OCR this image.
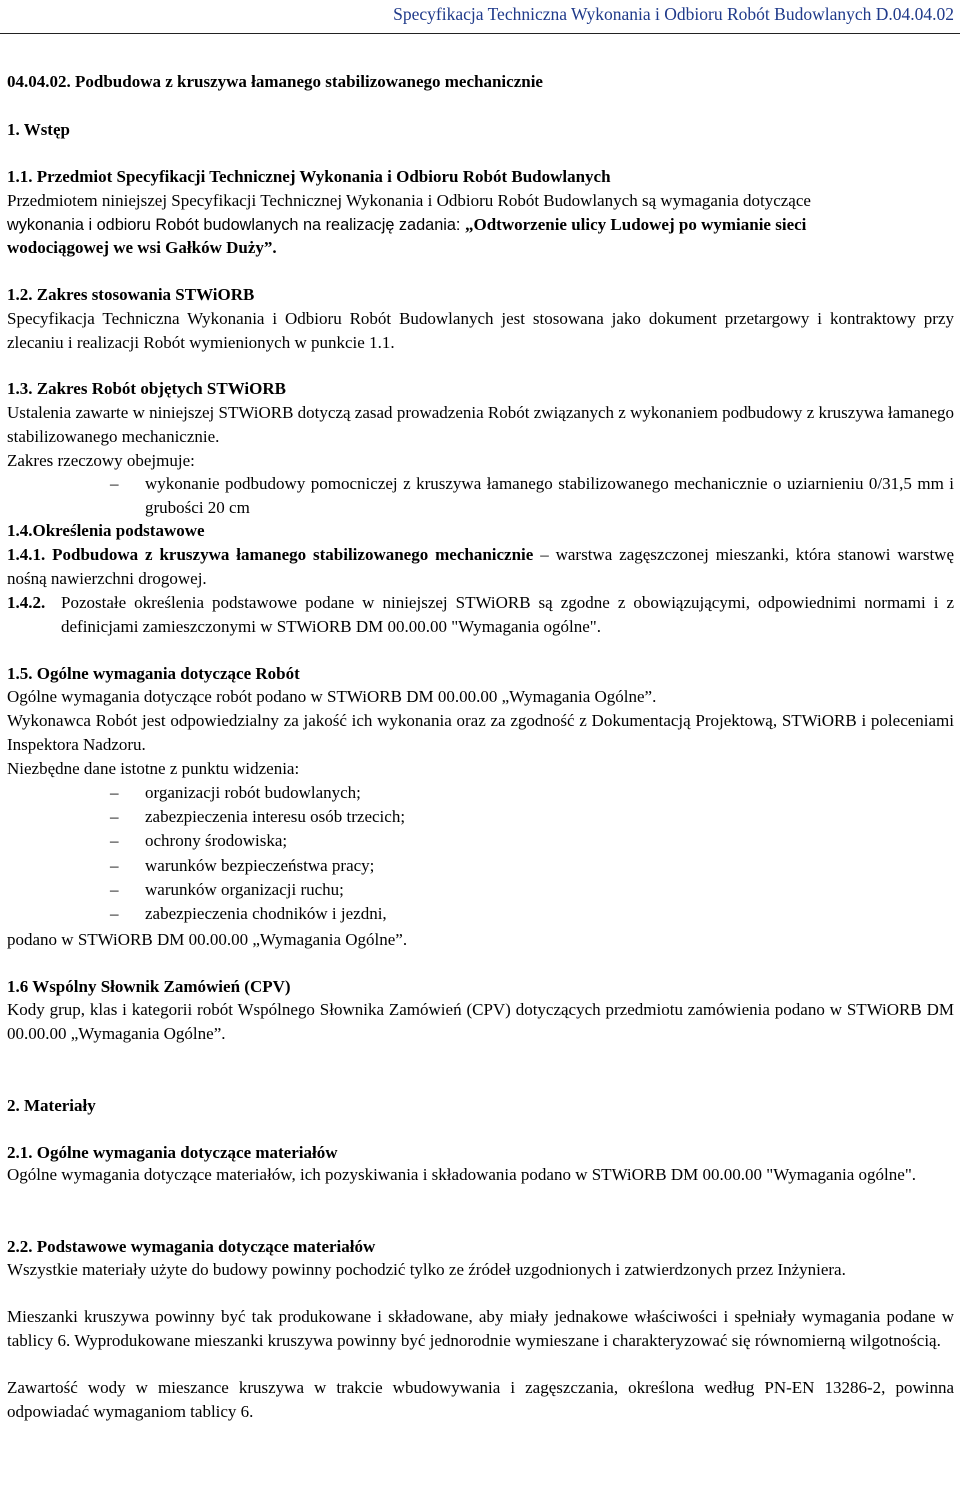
Specyfikacja Techniczna Wykonania i Odbioru Robót Budowlanych D.04.04.02
04.04.02. Podbudowa z kruszywa łamanego stabilizowanego mechanicznie
1. Wstęp
1.1. Przedmiot Specyfikacji Technicznej Wykonania i Odbioru Robót Budowlanych
Przedmiotem niniejszej Specyfikacji Technicznej Wykonania i Odbioru Robót Budowlanych są wymagania dotyczące
wykonania i odbioru Robót budowlanych na realizację zadania: „Odtworzenie ulicy Ludowej po wymianie sieci
wodociągowej we wsi Gałków Duży”.
1.2. Zakres stosowania STWiORB
Specyfikacja Techniczna Wykonania i Odbioru Robót Budowlanych jest stosowana jako dokument przetargowy i kontraktowy przy zlecaniu i realizacji Robót wymienionych w punkcie 1.1.
1.3. Zakres Robót objętych STWiORB
Ustalenia zawarte w niniejszej STWiORB dotyczą zasad prowadzenia Robót związanych z wykonaniem podbudowy z kruszywa łamanego stabilizowanego mechanicznie.
Zakres rzeczowy obejmuje:
– wykonanie podbudowy pomocniczej z kruszywa łamanego stabilizowanego mechanicznie o uziarnieniu 0/31,5 mm i grubości 20 cm
1.4.Określenia podstawowe
1.4.1. Podbudowa z kruszywa łamanego stabilizowanego mechanicznie – warstwa zagęszczonej mieszanki, która stanowi warstwę nośną nawierzchni drogowej.
1.4.2. Pozostałe określenia podstawowe podane w niniejszej STWiORB są zgodne z obowiązującymi, odpowiednimi normami i z definicjami zamieszczonymi w STWiORB DM 00.00.00 "Wymagania ogólne".
1.5. Ogólne wymagania dotyczące Robót
Ogólne wymagania dotyczące robót podano w STWiORB DM 00.00.00 „Wymagania Ogólne”.
Wykonawca Robót jest odpowiedzialny za jakość ich wykonania oraz za zgodność z Dokumentacją Projektową, STWiORB i poleceniami Inspektora Nadzoru.
Niezbędne dane istotne z punktu widzenia:
– organizacji robót budowlanych;
– zabezpieczenia interesu osób trzecich;
– ochrony środowiska;
– warunków bezpieczeństwa pracy;
– warunków organizacji ruchu;
– zabezpieczenia chodników i jezdni,
podano w STWiORB DM 00.00.00 „Wymagania Ogólne”.
1.6 Wspólny Słownik Zamówień (CPV)
Kody grup, klas i kategorii robót Wspólnego Słownika Zamówień (CPV) dotyczących przedmiotu zamówienia podano w STWiORB DM 00.00.00 „Wymagania Ogólne”.
2. Materiały
2.1. Ogólne wymagania dotyczące materiałów
Ogólne wymagania dotyczące materiałów, ich pozyskiwania i składowania podano w STWiORB DM 00.00.00 "Wymagania ogólne".
2.2. Podstawowe wymagania dotyczące materiałów
Wszystkie materiały użyte do budowy powinny pochodzić tylko ze źródeł uzgodnionych i zatwierdzonych przez Inżyniera.
Mieszanki kruszywa powinny być tak produkowane i składowane, aby miały jednakowe właściwości i spełniały wymagania podane w tablicy 6. Wyprodukowane mieszanki kruszywa powinny być jednorodnie wymieszane i charakteryzować się równomierną wilgotnością.
Zawartość wody w mieszance kruszywa w trakcie wbudowywania i zagęszczania, określona według PN-EN 13286-2, powinna odpowiadać wymaganiom tablicy 6.
